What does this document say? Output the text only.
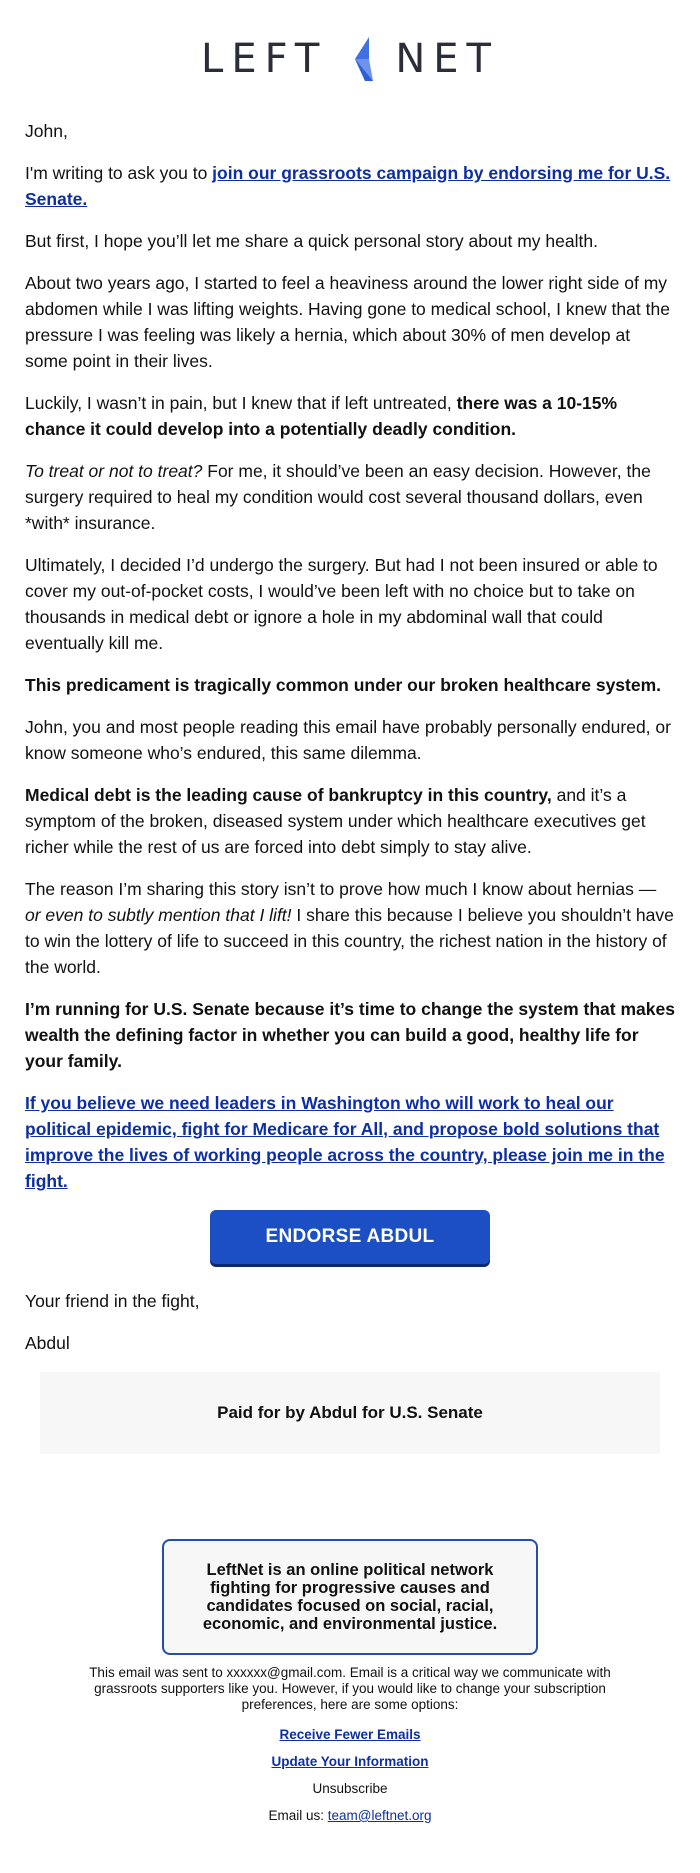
LEFT NET

John,

I'm writing to ask you to join our grassroots campaign by endorsing me for U.S. Senate.

But first, I hope you’ll let me share a quick personal story about my health.

About two years ago, I started to feel a heaviness around the lower right side of my abdomen while I was lifting weights. Having gone to medical school, I knew that the pressure I was feeling was likely a hernia, which about 30% of men develop at some point in their lives.

Luckily, I wasn’t in pain, but I knew that if left untreated, there was a 10-15% chance it could develop into a potentially deadly condition.

To treat or not to treat? For me, it should’ve been an easy decision. However, the surgery required to heal my condition would cost several thousand dollars, even *with* insurance.

Ultimately, I decided I’d undergo the surgery. But had I not been insured or able to cover my out-of-pocket costs, I would’ve been left with no choice but to take on thousands in medical debt or ignore a hole in my abdominal wall that could eventually kill me.

This predicament is tragically common under our broken healthcare system.

John, you and most people reading this email have probably personally endured, or know someone who’s endured, this same dilemma.

Medical debt is the leading cause of bankruptcy in this country, and it’s a symptom of the broken, diseased system under which healthcare executives get richer while the rest of us are forced into debt simply to stay alive.

The reason I’m sharing this story isn’t to prove how much I know about hernias — or even to subtly mention that I lift! I share this because I believe you shouldn’t have to win the lottery of life to succeed in this country, the richest nation in the history of the world.

I’m running for U.S. Senate because it’s time to change the system that makes wealth the defining factor in whether you can build a good, healthy life for your family.

If you believe we need leaders in Washington who will work to heal our political epidemic, fight for Medicare for All, and propose bold solutions that improve the lives of working people across the country, please join me in the fight.

ENDORSE ABDUL

Your friend in the fight,

Abdul

Paid for by Abdul for U.S. Senate
LeftNet is an online political network fighting for progressive causes and candidates focused on social, racial, economic, and environmental justice.
This email was sent to xxxxxx@gmail.com. Email is a critical way we communicate with grassroots supporters like you. However, if you would like to change your subscription preferences, here are some options:
Receive Fewer Emails
Update Your Information
Unsubscribe
Email us: team@leftnet.org
